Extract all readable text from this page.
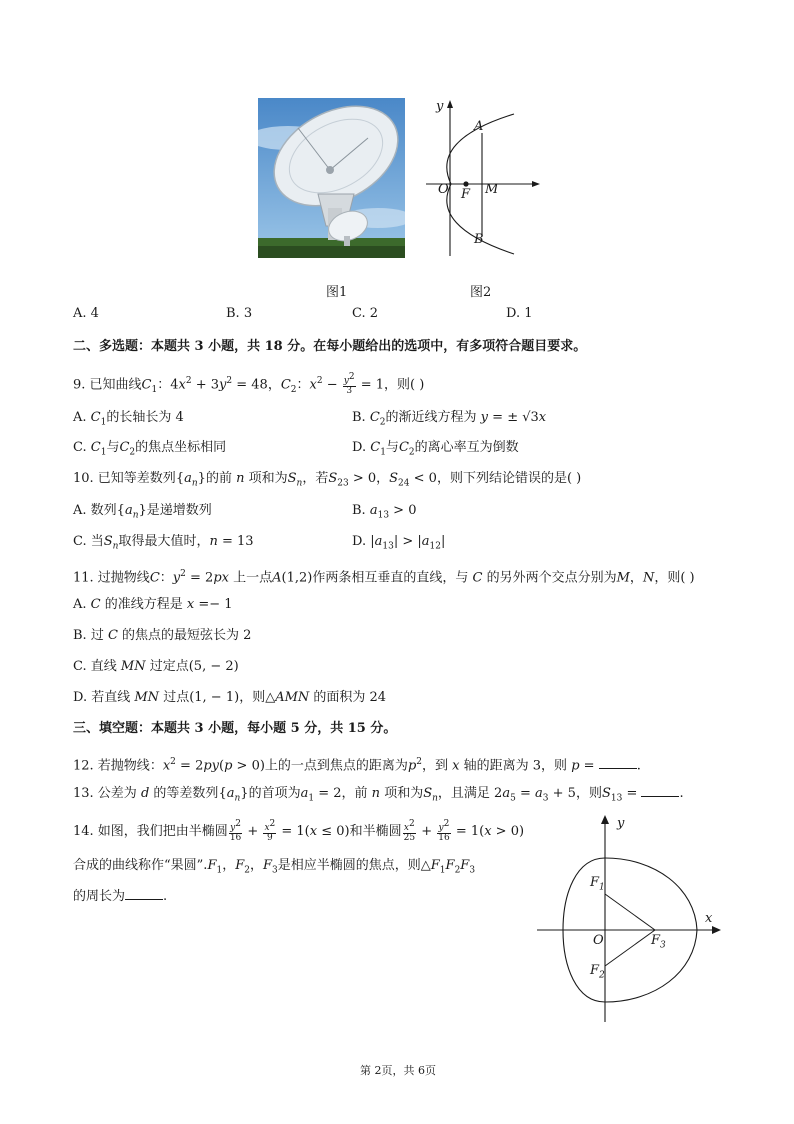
y
A
O F M
B
图1	图2
A. 4	B. 3	C. 2	D. 1
二、多选题：本题共 3 小题，共 18 分。在每小题给出的选项中，有多项符合题目要求。
9. 已知曲线$C_1$：$4x^2 + 3y^2 = 48$，$C_2$：$x^2 - \frac{y^2}{3} = 1$，则( )
A. $C_1$的长轴长为 4	B. $C_2$的渐近线方程为 y = ± √3x
C. $C_1$与$C_2$的焦点坐标相同	D. $C_1$与$C_2$的离心率互为倒数
10. 已知等差数列$\{a_n\}$的前 n 项和为$S_n$，若$S_{23} > 0$，$S_{24} < 0$，则下列结论错误的是( )
A. 数列$\{a_n\}$是递增数列	B. $a_{13} > 0$
C. 当$S_n$取得最大值时，n = 13	D. $|a_{13}| > |a_{12}|$
11. 过抛物线C：$y^2 = 2px$ 上一点A(1,2)作两条相互垂直的直线，与 C 的另外两个交点分别为M，N，则( )
A. C 的准线方程是 x =− 1
B. 过 C 的焦点的最短弦长为 2
C. 直线 MN 过定点(5, − 2)
D. 若直线 MN 过点(1, − 1)，则△AMN 的面积为 24
三、填空题：本题共 3 小题，每小题 5 分，共 15 分。
12. 若抛物线：$x^2 = 2py(p > 0)$上的一点到焦点的距离为$p^2$，到 x 轴的距离为 3，则 p =	.
13. 公差为 d 的等差数列$\{a_n\}$的首项为$a_1 = 2$，前 n 项和为$S_n$，且满足 $2a_5 = a_3 + 5$，则$S_{13}$ =	.
14. 如图，我们把由半椭圆 $\frac{y^2}{16} + \frac{x^2}{9} = 1(x \le 0)$和半椭圆 $\frac{x^2}{25} + \frac{y^2}{16} = 1(x > 0)$
合成的曲线称作“果圆$”.F_1$，$F_2$，$F_3$是相应半椭圆的焦点，则$\triangle F_1F_2F_3$
的周长为	.
y
x
O
$F_1$
$F_2$
$F_3$
第 2页，共 6页
